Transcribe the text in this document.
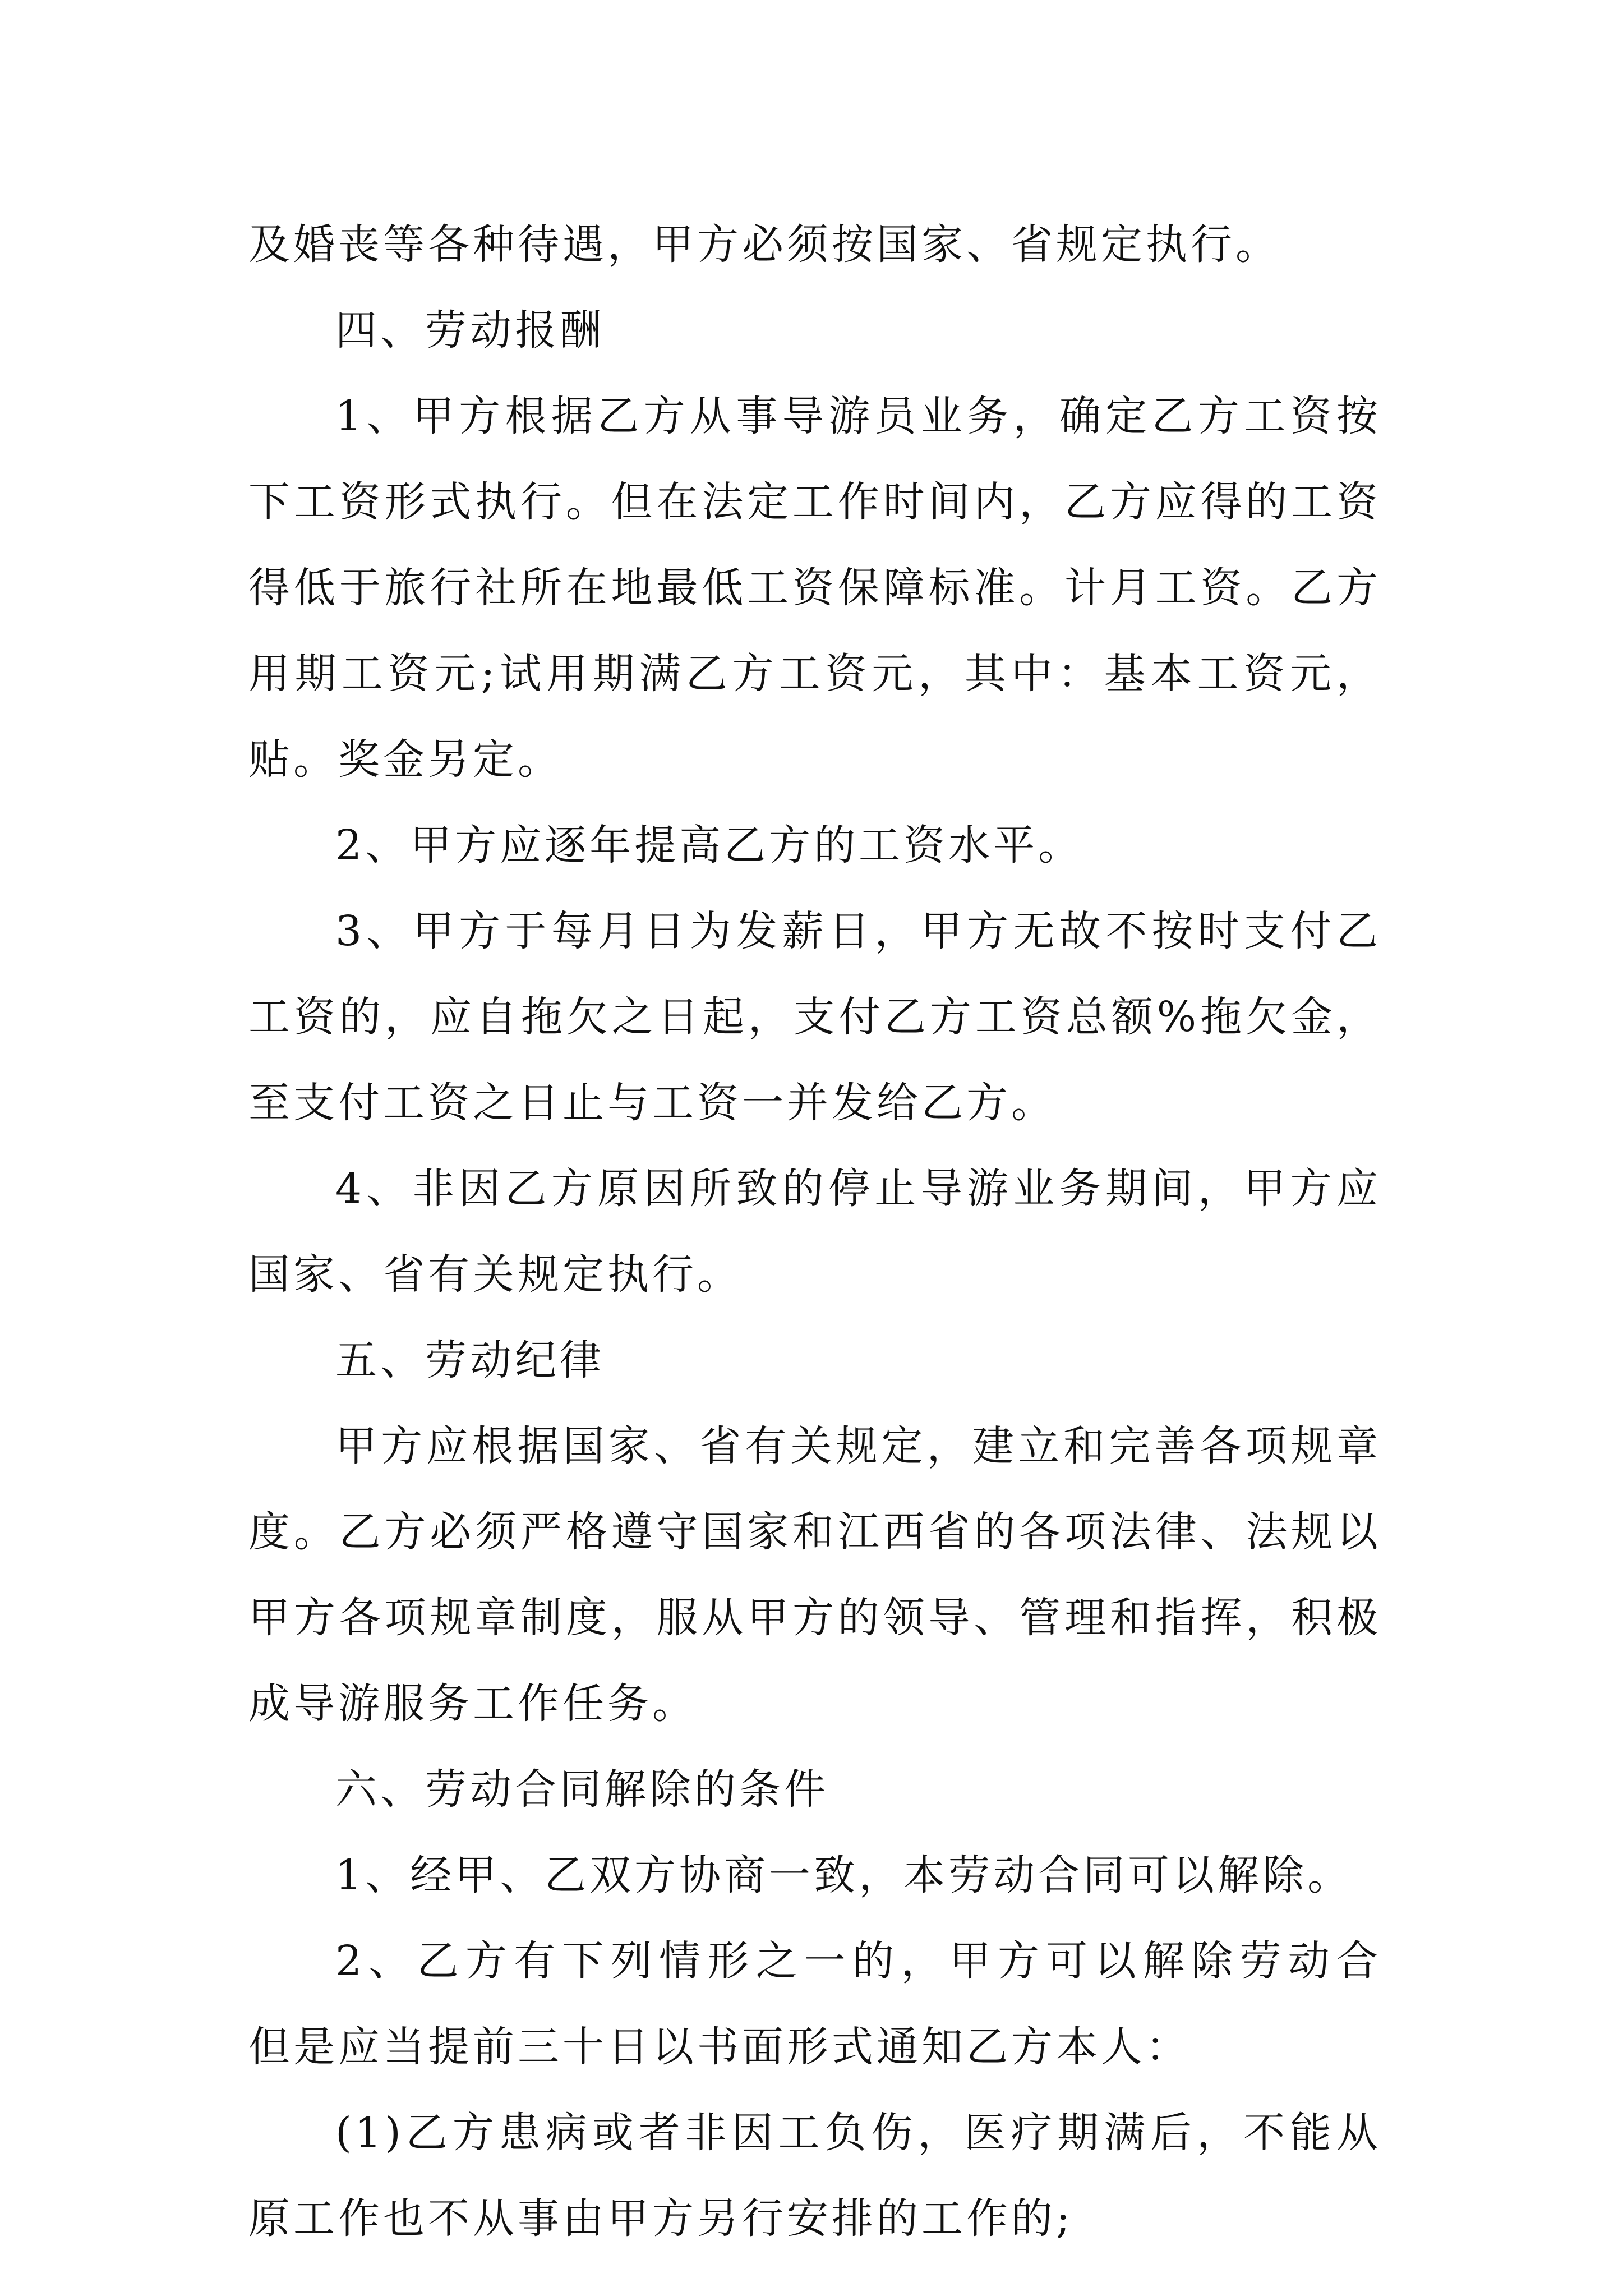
及婚丧等各种待遇，甲方必须按国家、省规定执行。
四、劳动报酬
1、甲方根据乙方从事导游员业务，确定乙方工资按
下工资形式执行。但在法定工作时间内，乙方应得的工资
得低于旅行社所在地最低工资保障标准。计月工资。乙方
用期工资元;试用期满乙方工资元，其中：基本工资元，
贴。奖金另定。
2、甲方应逐年提高乙方的工资水平。
3、甲方于每月日为发薪日，甲方无故不按时支付乙
工资的，应自拖欠之日起，支付乙方工资总额%拖欠金，
至支付工资之日止与工资一并发给乙方。
4、非因乙方原因所致的停止导游业务期间，甲方应
国家、省有关规定执行。
五、劳动纪律
甲方应根据国家、省有关规定，建立和完善各项规章
度。乙方必须严格遵守国家和江西省的各项法律、法规以
甲方各项规章制度，服从甲方的领导、管理和指挥，积极
成导游服务工作任务。
六、劳动合同解除的条件
1、经甲、乙双方协商一致，本劳动合同可以解除。
2、乙方有下列情形之一的，甲方可以解除劳动合
但是应当提前三十日以书面形式通知乙方本人：
(1)乙方患病或者非因工负伤，医疗期满后，不能从
原工作也不从事由甲方另行安排的工作的;
